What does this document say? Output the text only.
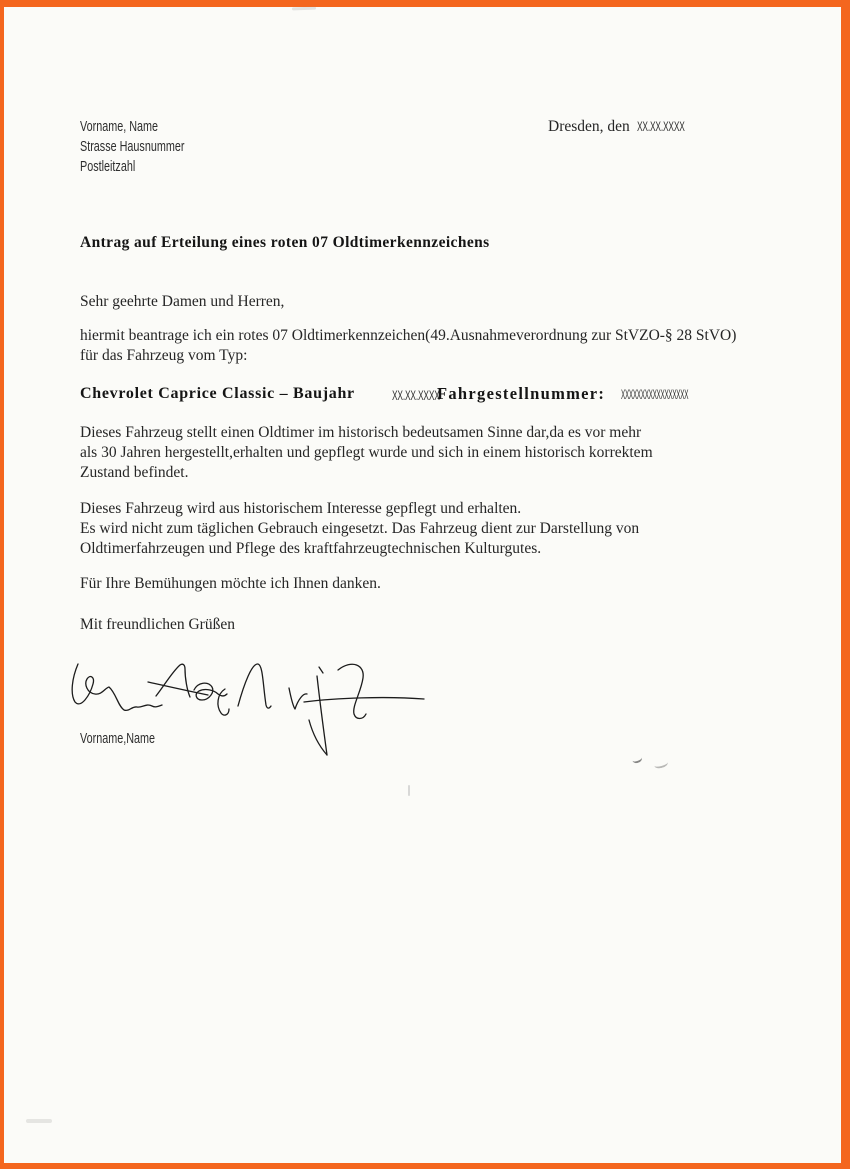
Vorname, Name
Strasse Hausnummer
Postleitzahl
Dresden, den XX.XX.XXXX
Antrag auf Erteilung eines roten 07 Oldtimerkennzeichens
Sehr geehrte Damen und Herren,
hiermit beantrage ich ein rotes 07 Oldtimerkennzeichen(49.Ausnahmeverordnung zur StVZO-§ 28 StVO)
für das Fahrzeug vom Typ:
Chevrolet Caprice Classic – Baujahr	XX.XX.XXXX
Fahrgestellnummer: XXXXXXXXXXXXXXXXX
Dieses Fahrzeug stellt einen Oldtimer im historisch bedeutsamen Sinne dar,da es vor mehr
als 30 Jahren hergestellt,erhalten und gepflegt wurde und sich in einem historisch korrektem
Zustand befindet.
Dieses Fahrzeug wird aus historischem Interesse gepflegt und erhalten.
Es wird nicht zum täglichen Gebrauch eingesetzt. Das Fahrzeug dient zur Darstellung von
Oldtimerfahrzeugen und Pflege des kraftfahrzeugtechnischen Kulturgutes.
Für Ihre Bemühungen möchte ich Ihnen danken.
Mit freundlichen Grüßen
Vorname,Name
